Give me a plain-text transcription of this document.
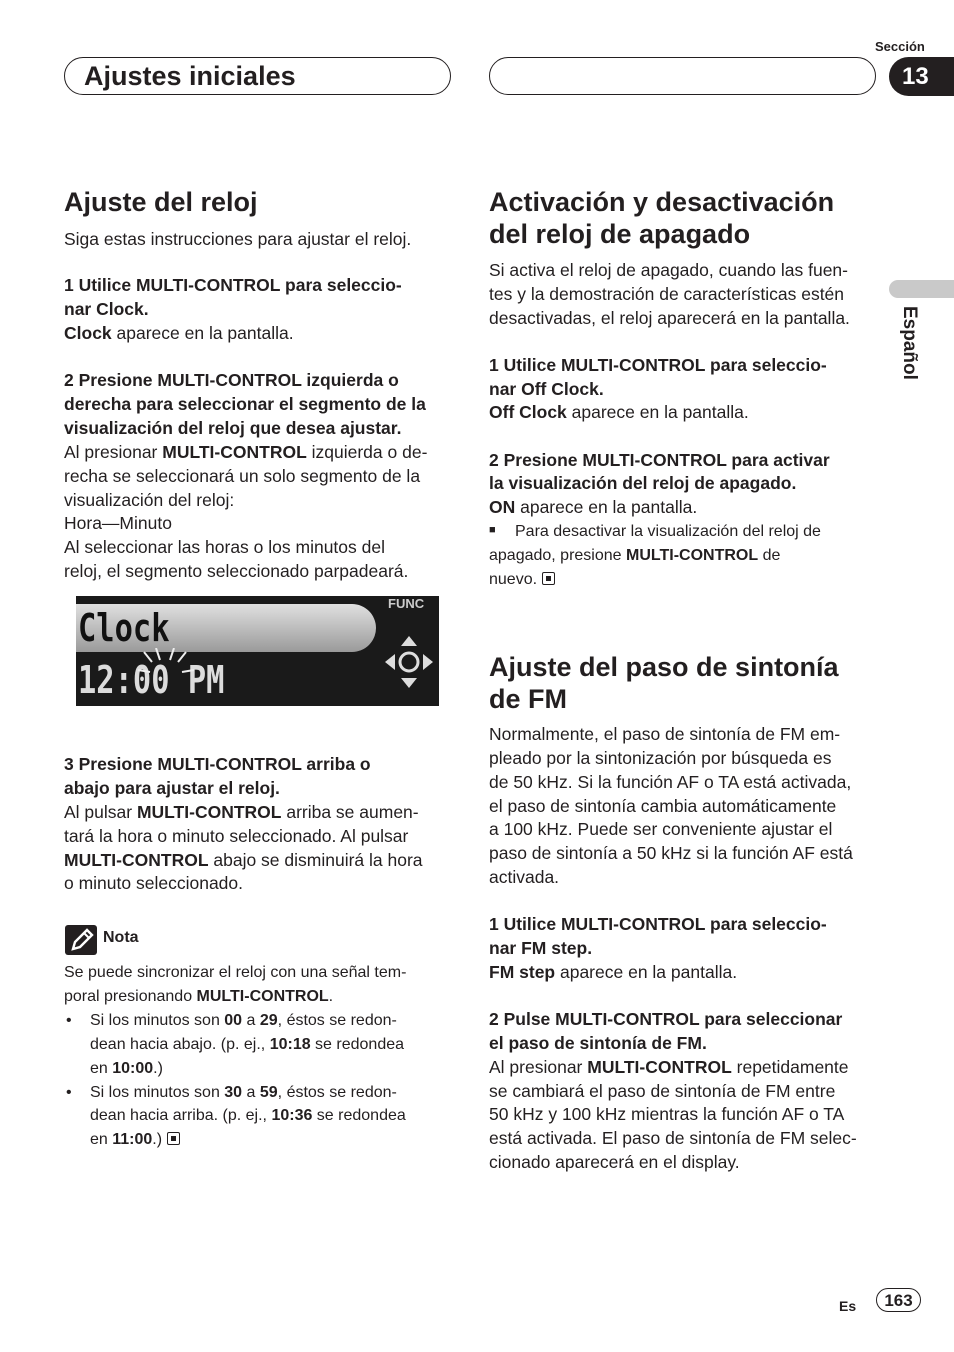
Ajustes iniciales
Sección
13
Español
Ajuste del reloj
Siga estas instrucciones para ajustar el reloj.
1 Utilice MULTI-CONTROL para seleccio-
nar Clock.
Clock aparece en la pantalla.
2 Presione MULTI-CONTROL izquierda o
derecha para seleccionar el segmento de la
visualización del reloj que desea ajustar.
Al presionar MULTI-CONTROL izquierda o de-
recha se seleccionará un solo segmento de la
visualización del reloj:
Hora—Minuto
Al seleccionar las horas o los minutos del
reloj, el segmento seleccionado parpadeará.
Clock
12:00 PM
FUNC
3 Presione MULTI-CONTROL arriba o
abajo para ajustar el reloj.
Al pulsar MULTI-CONTROL arriba se aumen-
tará la hora o minuto seleccionado. Al pulsar
MULTI-CONTROL abajo se disminuirá la hora
o minuto seleccionado.
Nota
Se puede sincronizar el reloj con una señal tem-
poral presionando MULTI-CONTROL.
• Si los minutos son 00 a 29, éstos se redon-
dean hacia abajo. (p. ej., 10:18 se redondea
en 10:00.)
• Si los minutos son 30 a 59, éstos se redon-
dean hacia arriba. (p. ej., 10:36 se redondea
en 11:00.)
Activación y desactivación
del reloj de apagado
Si activa el reloj de apagado, cuando las fuen-
tes y la demostración de características estén
desactivadas, el reloj aparecerá en la pantalla.
1 Utilice MULTI-CONTROL para seleccio-
nar Off Clock.
Off Clock aparece en la pantalla.
2 Presione MULTI-CONTROL para activar
la visualización del reloj de apagado.
ON aparece en la pantalla.
■ Para desactivar la visualización del reloj de
apagado, presione MULTI-CONTROL de
nuevo.
Ajuste del paso de sintonía
de FM
Normalmente, el paso de sintonía de FM em-
pleado por la sintonización por búsqueda es
de 50 kHz. Si la función AF o TA está activada,
el paso de sintonía cambia automáticamente
a 100 kHz. Puede ser conveniente ajustar el
paso de sintonía a 50 kHz si la función AF está
activada.
1 Utilice MULTI-CONTROL para seleccio-
nar FM step.
FM step aparece en la pantalla.
2 Pulse MULTI-CONTROL para seleccionar
el paso de sintonía de FM.
Al presionar MULTI-CONTROL repetidamente
se cambiará el paso de sintonía de FM entre
50 kHz y 100 kHz mientras la función AF o TA
está activada. El paso de sintonía de FM selec-
cionado aparecerá en el display.
Es	163
